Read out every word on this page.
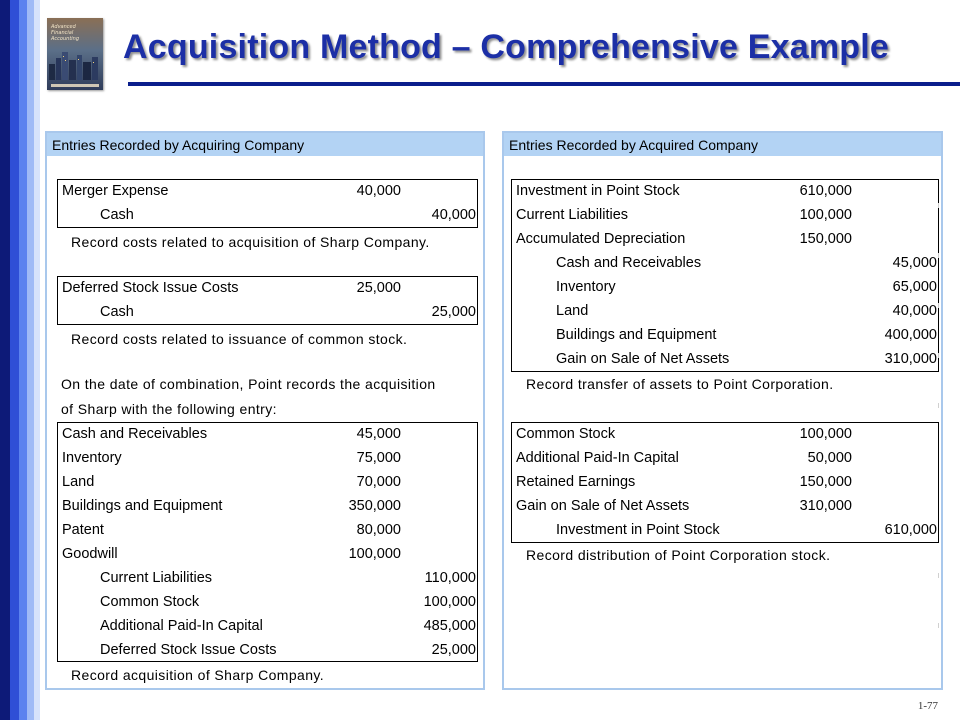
Advanced Financial Accounting	Acquisition Method – Comprehensive Example
Entries Recorded by Acquiring Company
Merger Expense	40,000
Cash	40,000
Record costs related to acquisition of Sharp Company.
Deferred Stock Issue Costs	25,000
Cash	25,000
Record costs related to issuance of common stock.
On the date of combination, Point records the acquisition
of Sharp with the following entry:
Cash and Receivables	45,000
Inventory	75,000
Land	70,000
Buildings and Equipment	350,000
Patent	80,000
Goodwill	100,000
Current Liabilities	110,000
Common Stock	100,000
Additional Paid-In Capital	485,000
Deferred Stock Issue Costs	25,000
Record acquisition of Sharp Company.
Entries Recorded by Acquired Company
Investment in Point Stock	610,000
Current Liabilities	100,000
Accumulated Depreciation	150,000
Cash and Receivables	45,000
Inventory	65,000
Land	40,000
Buildings and Equipment	400,000
Gain on Sale of Net Assets	310,000
Record transfer of assets to Point Corporation.
Common Stock	100,000
Additional Paid-In Capital	50,000
Retained Earnings	150,000
Gain on Sale of Net Assets	310,000
Investment in Point Stock	610,000
Record distribution of Point Corporation stock.
1-77
